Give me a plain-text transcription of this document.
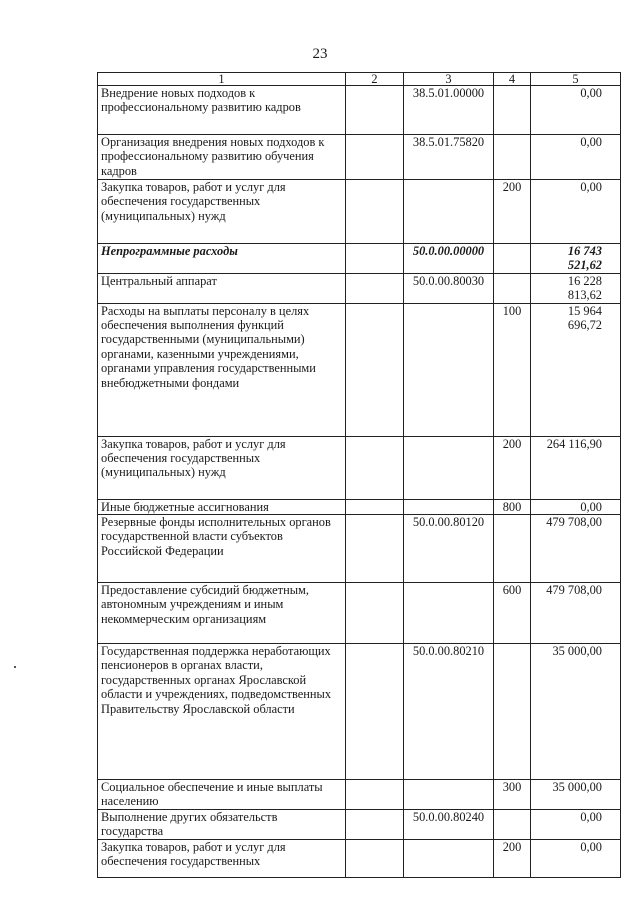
23
1	2	3	4	5
Внедрение новых подходов к профессиональному развитию кадров		38.5.01.00000		0,00
Организация внедрения новых подходов к профессиональному развитию обучения кадров		38.5.01.75820		0,00
Закупка товаров, работ и услуг для обеспечения государственных (муниципальных) нужд			200	0,00
Непрограммные расходы		50.0.00.00000		16 743 521,62
Центральный аппарат		50.0.00.80030		16 228 813,62
Расходы на выплаты персоналу в целях обеспечения выполнения функций государственными (муниципальными) органами, казенными учреждениями, органами управления государственными внебюджетными фондами			100	15 964 696,72
Закупка товаров, работ и услуг для обеспечения государственных (муниципальных) нужд			200	264 116,90
Иные бюджетные ассигнования			800	0,00
Резервные фонды исполнительных органов государственной власти субъектов Российской Федерации		50.0.00.80120		479 708,00
Предоставление субсидий бюджетным, автономным учреждениям и иным некоммерческим организациям			600	479 708,00
Государственная поддержка неработающих пенсионеров в органах власти, государственных органах Ярославской области и учреждениях, подведомственных Правительству Ярославской области		50.0.00.80210		35 000,00
Социальное обеспечение и иные выплаты населению			300	35 000,00
Выполнение других обязательств государства		50.0.00.80240		0,00
Закупка товаров, работ и услуг для обеспечения государственных			200	0,00
